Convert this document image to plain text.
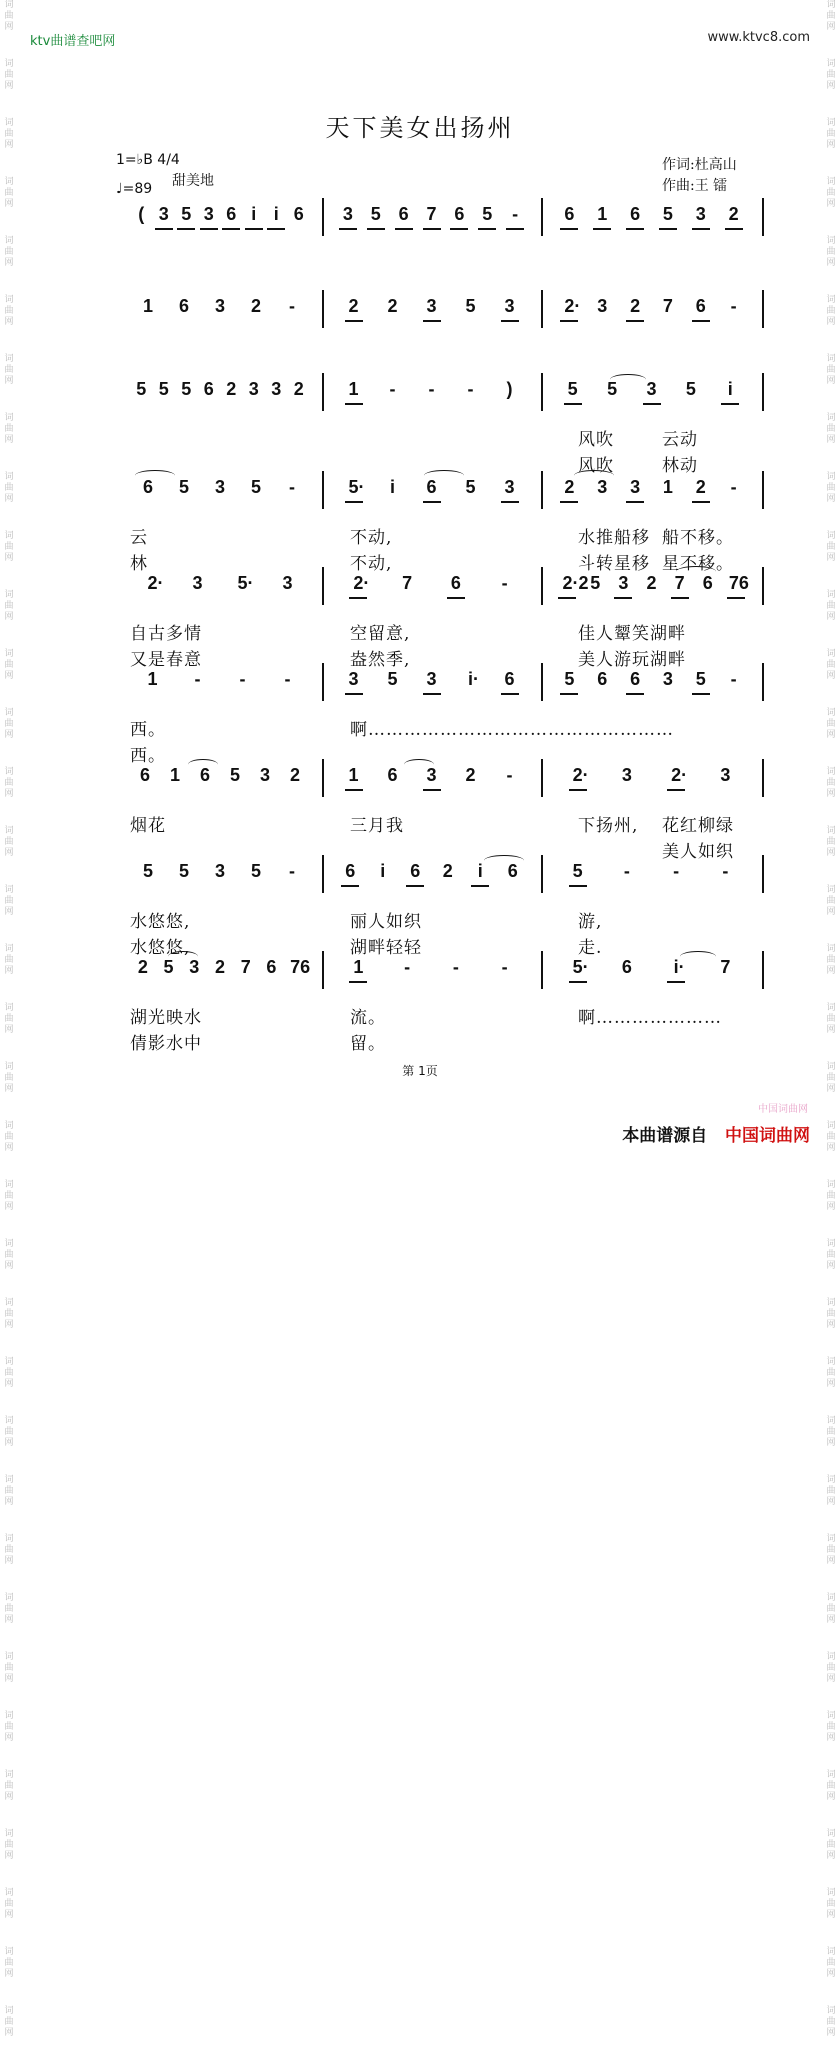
词
曲
网
词
曲
网
词
曲
网
词
曲
网
词
曲
网
词
曲
网
词
曲
网
词
曲
网
词
曲
网
词
曲
网
词
曲
网
词
曲
网
词
曲
网
词
曲
网
词
曲
网
词
曲
网
词
曲
网
词
曲
网
词
曲
网
词
曲
网
词
曲
网
词
曲
网
词
曲
网
词
曲
网
词
曲
网
词
曲
网
词
曲
网
词
曲
网
词
曲
网
词
曲
网
词
曲
网
词
曲
网
词
曲
网
词
曲
网
词
曲
网
词
曲
网
词
曲
网
词
曲
网
词
曲
网
词
曲
网
词
曲
网
词
曲
网
词
曲
网
词
曲
网
词
曲
网
词
曲
网
词
曲
网
词
曲
网
词
曲
网
词
曲
网
词
曲
网
词
曲
网
词
曲
网
词
曲
网
词
曲
网
词
曲
网
词
曲
网
词
曲
网
词
曲
网
词
曲
网
词
曲
网
词
曲
网
词
曲
网
词
曲
网
词
曲
网
词
曲
网
词
曲
网
词
曲
网
词
曲
网
词
曲
网
ktv曲谱查吧网	www.ktvc8.com
天下美女出扬州
1=♭B 4/4
♩=89 甜美地
作词:杜高山
作曲:王 镭
( 3 5 3 6 i i 6 3 5 6 7 6 5 -	6 1 6 5 3 2
1 6 3 2 -	2 2 3 5 3	2· 3 2 7 6 -
5 5 5 6 2 3 3 2 1 - - - )	5 5 3 5	i
风吹	云动
风吹	林动
6 5 3 5 -	5·	i	6 5 3	2 3 3 1 2 -
云	不动,	水推船移 船不移。
林	不动,	斗转星移 星不移。
2· 3 5· 3	2· 7 6 -	2·2 5 3 2 7 6 76
自古多情	空留意,	佳人颦笑湖畔
又是春意	盎然季,	美人游玩湖畔
1 - - -	3 5 3	i·	6	5 6 6 3 5 -
西。	啊……………………………………………
西。
6 1 6 5 3 2	1 6 3 2 -	2· 3 2· 3
烟花	三月我	下扬州, 花红柳绿
美人如织
5 5 3 5 -	6	i	6 2	i	6	5 - - -
水悠悠,	丽人如织	游,
水悠悠,	湖畔轻轻	走.
2 5 3 2 7 6 76 1 - - -	5· 6	i·	7
湖光映水	流。	啊…………………
倩影水中	留。
第 1页
中国词曲网
本曲谱源自 中国词曲网
